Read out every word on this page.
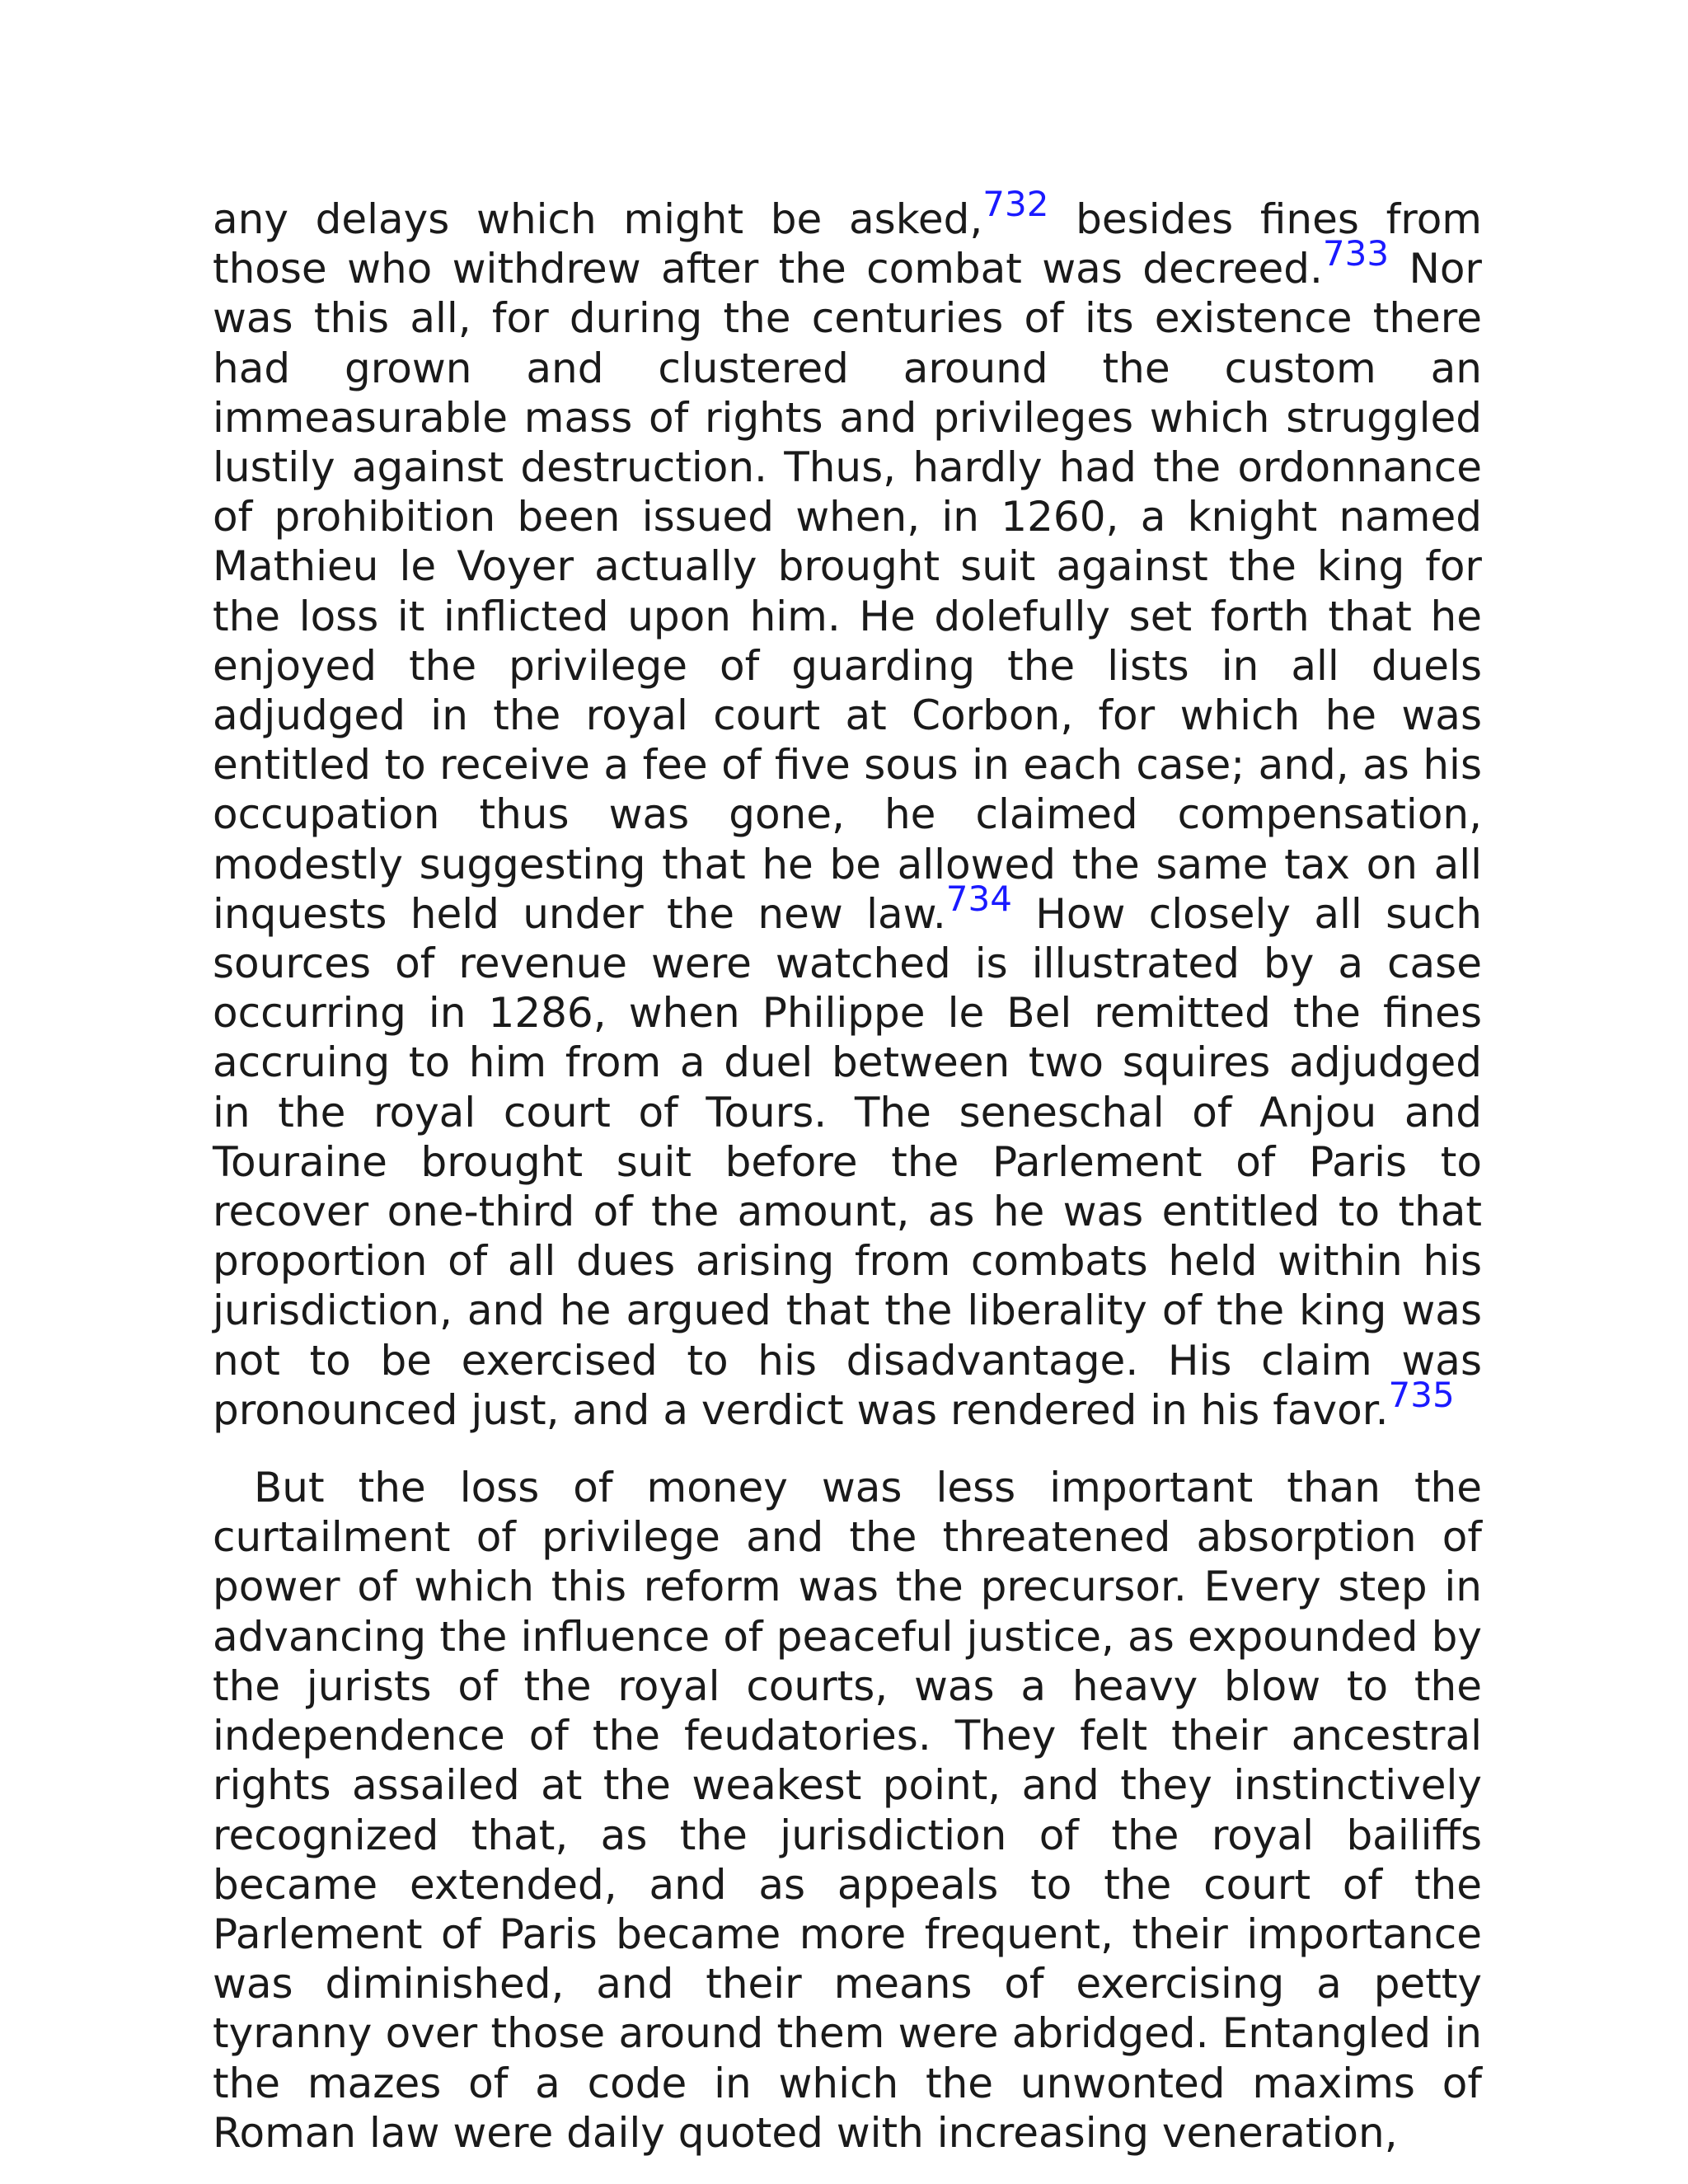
any delays which might be asked,$^{732}$ besides fines from those who withdrew after the combat was decreed.$^{733}$ Nor was this all, for during the centuries of its existence there had grown and clustered around the custom an immeasurable mass of rights and privileges which struggled lustily against destruction. Thus, hardly had the ordonnance of prohibition been issued when, in 1260, a knight named Mathieu le Voyer actually brought suit against the king for the loss it inflicted upon him. He dolefully set forth that he enjoyed the privilege of guarding the lists in all duels adjudged in the royal court at Corbon, for which he was entitled to receive a fee of five sous in each case; and, as his occupation thus was gone, he claimed compensation, modestly suggesting that he be allowed the same tax on all inquests held under the new law.$^{734}$ How closely all such sources of revenue were watched is illustrated by a case occurring in 1286, when Philippe le Bel remitted the fines accruing to him from a duel between two squires adjudged in the royal court of Tours. The seneschal of Anjou and Touraine brought suit before the Parlement of Paris to recover one-third of the amount, as he was entitled to that proportion of all dues arising from combats held within his jurisdiction, and he argued that the liberality of the king was not to be exercised to his disadvantage. His claim was pronounced just, and a verdict was rendered in his favor.$^{735}$

But the loss of money was less important than the curtailment of privilege and the threatened absorption of power of which this reform was the precursor. Every step in advancing the influence of peaceful justice, as expounded by the jurists of the royal courts, was a heavy blow to the independence of the feudatories. They felt their ancestral rights assailed at the weakest point, and they instinctively recognized that, as the jurisdiction of the royal bailiffs became extended, and as appeals to the court of the Parlement of Paris became more frequent, their importance was diminished, and their means of exercising a petty tyranny over those around them were abridged. Entangled in the mazes of a code in which the unwonted maxims of Roman law were daily quoted with increasing veneration,
